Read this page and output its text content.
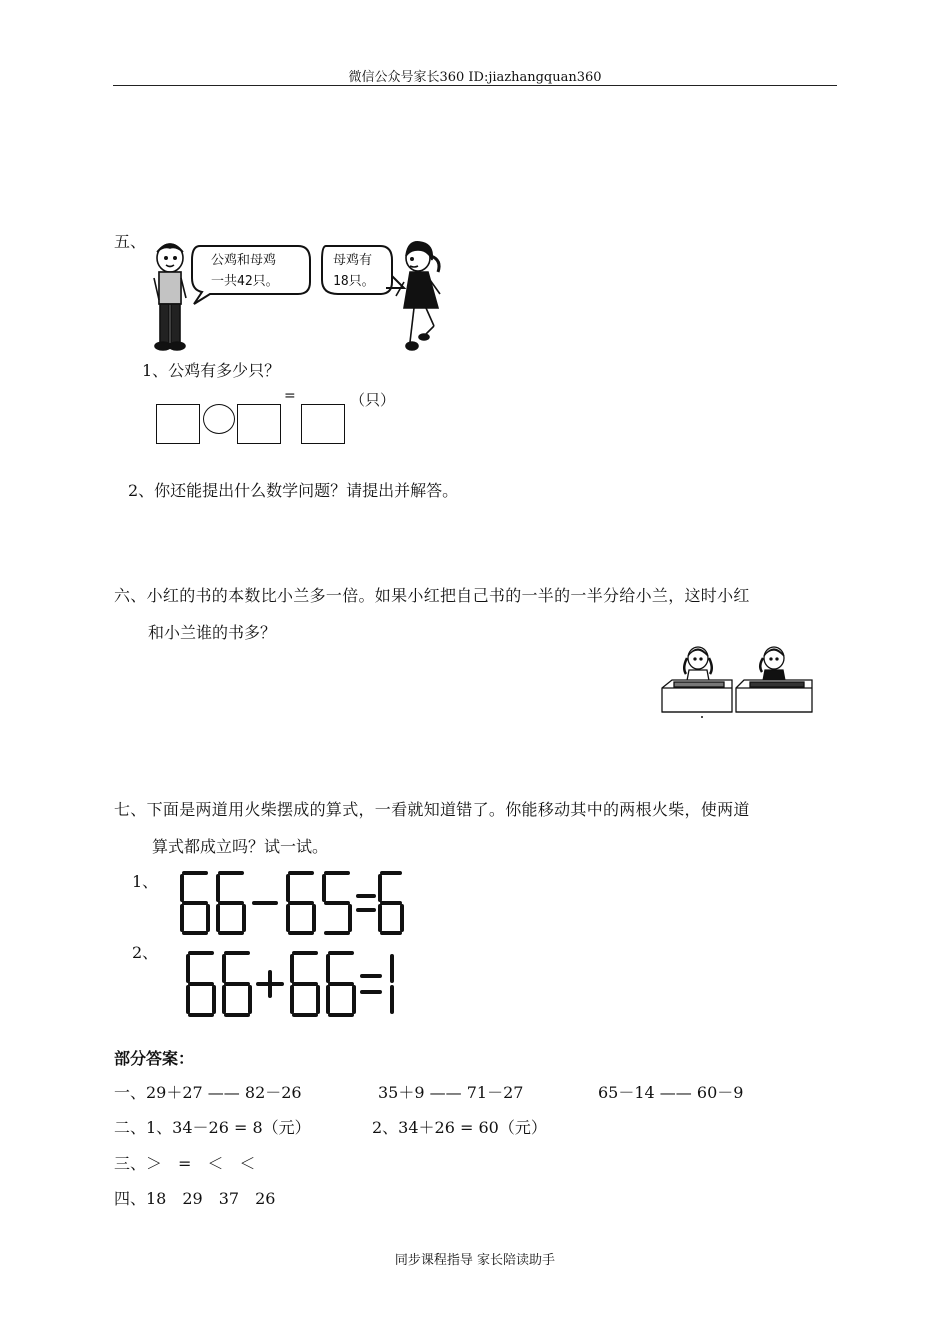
微信公众号家长360 ID:jiazhangquan360
五、
公鸡和母鸡
一共42只。
母鸡有
18只。
1、公鸡有多少只？
=	（只）
2、你还能提出什么数学问题？请提出并解答。
六、小红的书的本数比小兰多一倍。如果小红把自己书的一半的一半分给小兰，这时小红
和小兰谁的书多？
七、下面是两道用火柴摆成的算式，一看就知道错了。你能移动其中的两根火柴，使两道
算式都成立吗？试一试。
1、
2、
部分答案：
一、29＋27 —— 82－26	35＋9 —— 71－27	65－14 —— 60－9
二、1、34－26 = 8（元）	2、34＋26 = 60（元）
三、＞　=　＜　＜
四、18　29　37　26
同步课程指导 家长陪读助手
